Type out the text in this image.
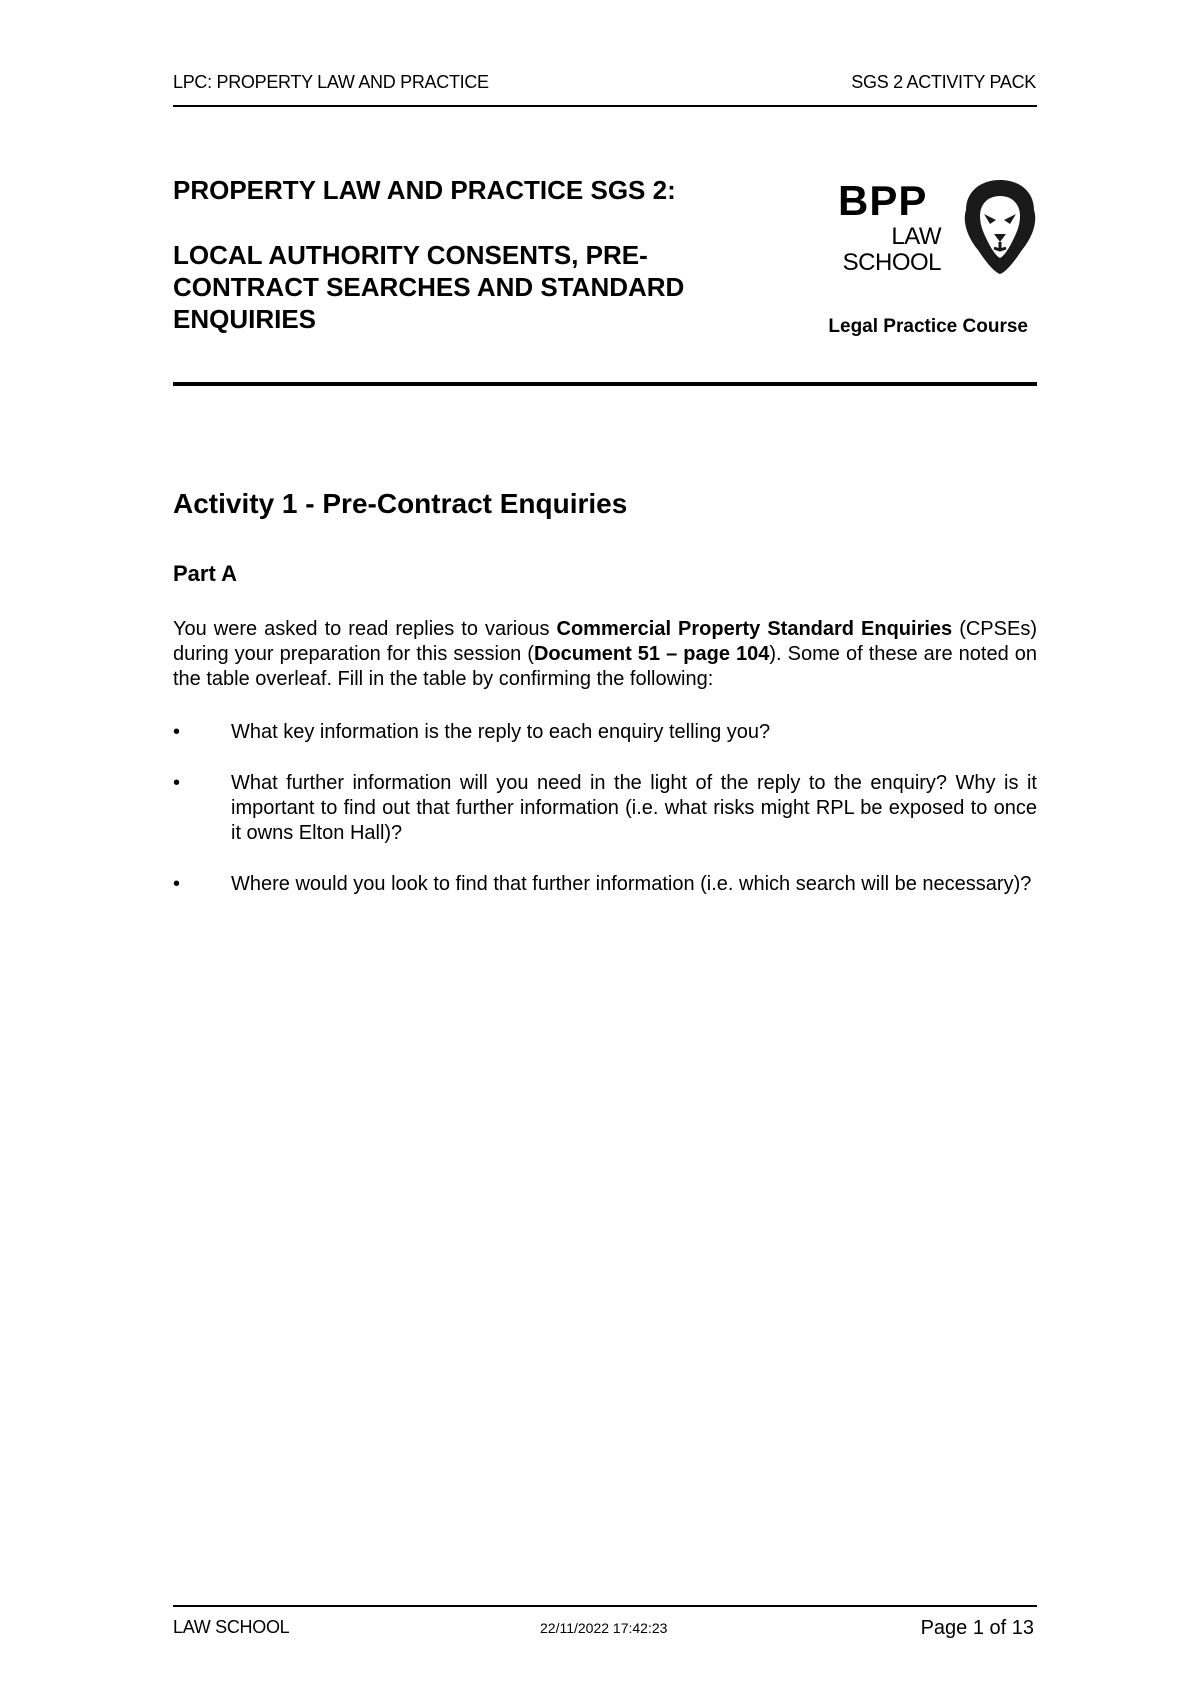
LPC: PROPERTY LAW AND PRACTICE	SGS 2 ACTIVITY PACK
PROPERTY LAW AND PRACTICE SGS 2:
LOCAL AUTHORITY CONSENTS, PRE-CONTRACT SEARCHES AND STANDARD ENQUIRIES
BPP
LAW
SCHOOL
Legal Practice Course
Activity 1 - Pre-Contract Enquiries
Part A
You were asked to read replies to various Commercial Property Standard Enquiries (CPSEs) during your preparation for this session (Document 51 – page 104). Some of these are noted on the table overleaf. Fill in the table by confirming the following:
•	What key information is the reply to each enquiry telling you?
•	What further information will you need in the light of the reply to the enquiry? Why is it important to find out that further information (i.e. what risks might RPL be exposed to once it owns Elton Hall)?
•	Where would you look to find that further information (i.e. which search will be necessary)?
LAW SCHOOL	22/11/2022 17:42:23	Page 1 of 13
